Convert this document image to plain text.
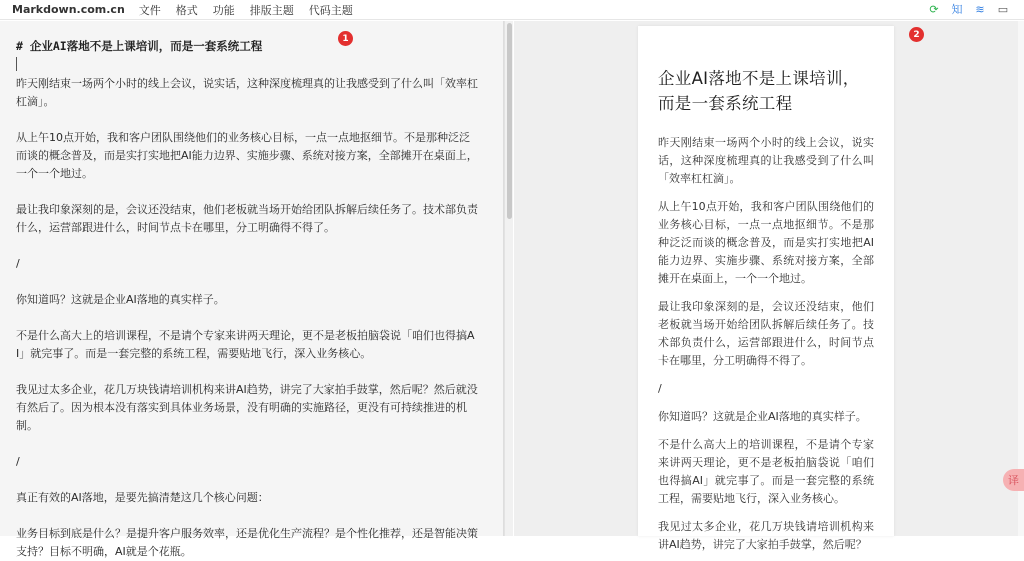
Markdown.com.cn 文件 格式 功能 排版主题 代码主题	⟳ 知 ≋ ▭
# 企业AI落地不是上课培训，而是一套系统工程
昨天刚结束一场两个小时的线上会议，说实话，这种深度梳理真的让我感受到了什么叫「效率杠杠滴」。
从上午10点开始，我和客户团队围绕他们的业务核心目标，一点一点地抠细节。不是那种泛泛而谈的概念普及，而是实打实地把AI能力边界、实施步骤、系统对接方案，全部摊开在桌面上，一个一个地过。
最让我印象深刻的是，会议还没结束，他们老板就当场开始给团队拆解后续任务了。技术部负责什么，运营部跟进什么，时间节点卡在哪里，分工明确得不得了。
/
你知道吗？这就是企业AI落地的真实样子。
不是什么高大上的培训课程，不是请个专家来讲两天理论，更不是老板拍脑袋说「咱们也得搞AI」就完事了。而是一套完整的系统工程，需要贴地飞行，深入业务核心。
我见过太多企业，花几万块钱请培训机构来讲AI趋势，讲完了大家拍手鼓掌，然后呢？然后就没有然后了。因为根本没有落实到具体业务场景，没有明确的实施路径，更没有可持续推进的机制。
/
真正有效的AI落地，是要先搞清楚这几个核心问题：
业务目标到底是什么？是提升客户服务效率，还是优化生产流程？是个性化推荐，还是智能决策支持？目标不明确，AI就是个花瓶。
1
企业AI落地不是上课培训，而是一套系统工程
昨天刚结束一场两个小时的线上会议，说实话，这种深度梳理真的让我感受到了什么叫「效率杠杠滴」。
从上午10点开始，我和客户团队围绕他们的业务核心目标，一点一点地抠细节。不是那种泛泛而谈的概念普及，而是实打实地把AI能力边界、实施步骤、系统对接方案，全部摊开在桌面上，一个一个地过。
最让我印象深刻的是，会议还没结束，他们老板就当场开始给团队拆解后续任务了。技术部负责什么，运营部跟进什么，时间节点卡在哪里，分工明确得不得了。
/
你知道吗？这就是企业AI落地的真实样子。
不是什么高大上的培训课程，不是请个专家来讲两天理论，更不是老板拍脑袋说「咱们也得搞AI」就完事了。而是一套完整的系统工程，需要贴地飞行，深入业务核心。
我见过太多企业，花几万块钱请培训机构来讲AI趋势，讲完了大家拍手鼓掌，然后呢？
2
译
